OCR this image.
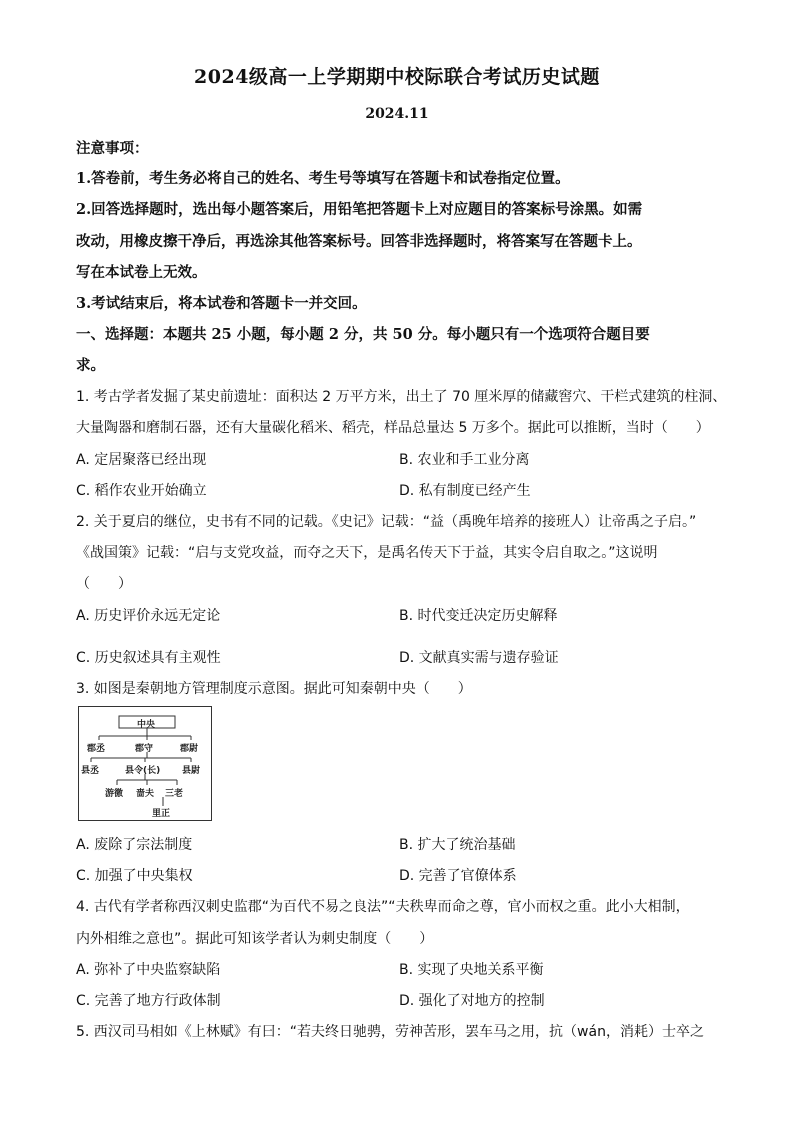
2024级高一上学期期中校际联合考试历史试题
2024.11
注意事项：
1.答卷前，考生务必将自己的姓名、考生号等填写在答题卡和试卷指定位置。
2.回答选择题时，选出每小题答案后，用铅笔把答题卡上对应题目的答案标号涂黑。如需
改动，用橡皮擦干净后，再选涂其他答案标号。回答非选择题时，将答案写在答题卡上。
写在本试卷上无效。
3.考试结束后，将本试卷和答题卡一并交回。
一、选择题：本题共 25 小题，每小题 2 分，共 50 分。每小题只有一个选项符合题目要
求。
1. 考古学者发掘了某史前遗址：面积达 2 万平方米，出土了 70 厘米厚的储藏窖穴、干栏式建筑的柱洞、
大量陶器和磨制石器，还有大量碳化稻米、稻壳，样品总量达 5 万多个。据此可以推断，当时（　　）
A. 定居聚落已经出现	B. 农业和手工业分离
C. 稻作农业开始确立	D. 私有制度已经产生
2. 关于夏启的继位，史书有不同的记载。《史记》记载：“益（禹晚年培养的接班人）让帝禹之子启。”
《战国策》记载：“启与支党攻益，而夺之天下，是禹名传天下于益，其实令启自取之。”这说明
（　　）
A. 历史评价永远无定论	B. 时代变迁决定历史解释
C. 历史叙述具有主观性	D. 文献真实需与遗存验证
3. 如图是秦朝地方管理制度示意图。据此可知秦朝中央（　　）
中央
郡丞	郡守	郡尉
县丞	县令(长) 县尉
游徼 啬夫 三老
里正
A. 废除了宗法制度	B. 扩大了统治基础
C. 加强了中央集权	D. 完善了官僚体系
4. 古代有学者称西汉刺史监郡“为百代不易之良法”“夫秩卑而命之尊，官小而权之重。此小大相制，
内外相维之意也”。据此可知该学者认为刺史制度（　　）
A. 弥补了中央监察缺陷	B. 实现了央地关系平衡
C. 完善了地方行政体制	D. 强化了对地方的控制
5. 西汉司马相如《上林赋》有曰：“若夫终日驰骋，劳神苦形，罢车马之用，抗（wán，消耗）士卒之
